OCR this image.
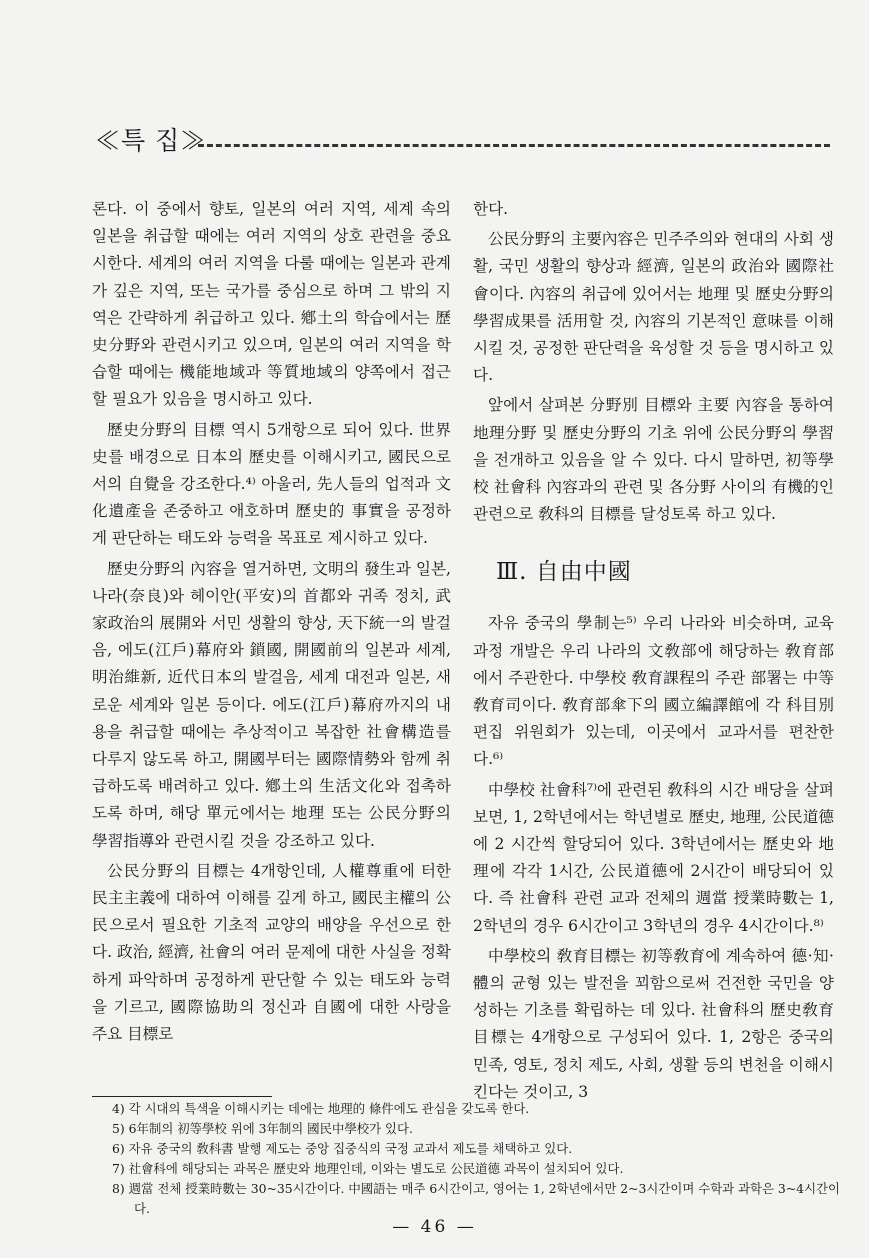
≪특 집≫

론다. 이 중에서 향토, 일본의 여러 지역, 세계 속의 일본을 취급할 때에는 여러 지역의 상호 관련을 중요시한다. 세계의 여러 지역을 다룰 때에는 일본과 관계가 깊은 지역, 또는 국가를 중심으로 하며 그 밖의 지역은 간략하게 취급하고 있다. 鄕土의 학습에서는 歷史分野와 관련시키고 있으며, 일본의 여러 지역을 학습할 때에는 機能地域과 等質地域의 양쪽에서 접근할 필요가 있음을 명시하고 있다.

歷史分野의 目標 역시 5개항으로 되어 있다. 世界史를 배경으로 日本의 歷史를 이해시키고, 國民으로서의 自覺을 강조한다.⁴⁾ 아울러, 先人들의 업적과 文化遺產을 존중하고 애호하며 歷史的 事實을 공정하게 판단하는 태도와 능력을 목표로 제시하고 있다.

歷史分野의 內容을 열거하면, 文明의 發生과 일본, 나라(奈良)와 헤이안(平安)의 首都와 귀족 정치, 武家政治의 展開와 서민 생활의 향상, 天下統一의 발걸음, 에도(江戶)幕府와 鎖國, 開國前의 일본과 세계, 明治維新, 近代日本의 발걸음, 세계 대전과 일본, 새로운 세계와 일본 등이다. 에도(江戶)幕府까지의 내용을 취급할 때에는 추상적이고 복잡한 社會構造를 다루지 않도록 하고, 開國부터는 國際情勢와 함께 취급하도록 배려하고 있다. 鄕土의 生活文化와 접촉하도록 하며, 해당 單元에서는 地理 또는 公民分野의 學習指導와 관련시킬 것을 강조하고 있다.

公民分野의 目標는 4개항인데, 人權尊重에 터한 民主主義에 대하여 이해를 깊게 하고, 國民主權의 公民으로서 필요한 기초적 교양의 배양을 우선으로 한다. 政治, 經濟, 社會의 여러 문제에 대한 사실을 정확하게 파악하며 공정하게 판단할 수 있는 태도와 능력을 기르고, 國際協助의 정신과 自國에 대한 사랑을 주요 目標로

한다.

公民分野의 主要內容은 민주주의와 현대의 사회 생활, 국민 생활의 향상과 經濟, 일본의 政治와 國際社會이다. 內容의 취급에 있어서는 地理 및 歷史分野의 學習成果를 活用할 것, 內容의 기본적인 意味를 이해시킬 것, 공정한 판단력을 육성할 것 등을 명시하고 있다.

앞에서 살펴본 分野別 目標와 主要 內容을 통하여 地理分野 및 歷史分野의 기초 위에 公民分野의 學習을 전개하고 있음을 알 수 있다. 다시 말하면, 初等學校 社會科 內容과의 관련 및 各分野 사이의 有機的인 관련으로 敎科의 目標를 달성토록 하고 있다.

Ⅲ. 自由中國

자유 중국의 學制는⁵⁾ 우리 나라와 비슷하며, 교육 과정 개발은 우리 나라의 文敎部에 해당하는 敎育部에서 주관한다. 中學校 敎育課程의 주관 部署는 中等敎育司이다. 敎育部傘下의 國立編譯館에 각 科目別 편집 위원회가 있는데, 이곳에서 교과서를 편찬한다.⁶⁾

中學校 社會科⁷⁾에 관련된 敎科의 시간 배당을 살펴보면, 1, 2학년에서는 학년별로 歷史, 地理, 公民道德에 2 시간씩 할당되어 있다. 3학년에서는 歷史와 地理에 각각 1시간, 公民道德에 2시간이 배당되어 있다. 즉 社會科 관련 교과 전체의 週當 授業時數는 1, 2학년의 경우 6시간이고 3학년의 경우 4시간이다.⁸⁾

中學校의 敎育目標는 初等敎育에 계속하여 德·知·體의 균형 있는 발전을 꾀함으로써 건전한 국민을 양성하는 기초를 확립하는 데 있다. 社會科의 歷史敎育 目標는 4개항으로 구성되어 있다. 1, 2항은 중국의 민족, 영토, 정치 제도, 사회, 생활 등의 변천을 이해시킨다는 것이고, 3

4) 각 시대의 특색을 이해시키는 데에는 地理的 條件에도 관심을 갖도록 한다.

5) 6年制의 初等學校 위에 3年制의 國民中學校가 있다.

6) 자유 중국의 敎科書 발행 제도는 중앙 집중식의 국정 교과서 제도를 채택하고 있다.

7) 社會科에 해당되는 과목은 歷史와 地理인데, 이와는 별도로 公民道德 과목이 설치되어 있다.

8) 週當 전체 授業時數는 30~35시간이다. 中國語는 매주 6시간이고, 영어는 1, 2학년에서만 2~3시간이며 수학과 과학은 3~4시간이다.

— 46 —
